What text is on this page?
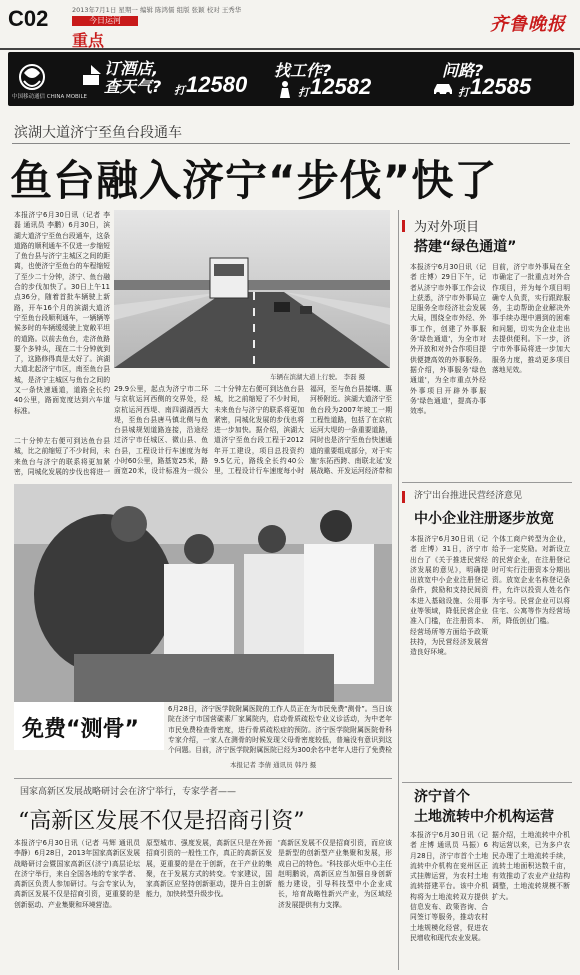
C02	2013年7月1日 星期一 编辑 陈鸿儒 组版 张颖 校对 王秀华
今日运河
重点
齐鲁晚报
中国移动通信 CHINA MOBILE
订酒店,
查天气? 打 12580
找工作?
打 12582
问路?
打 12585
滨湖大道济宁至鱼台段通车
鱼台融入济宁“步伐”快了
本报济宁6月30日讯（记者 李磊 通讯员 李鹏）6月30日，滨湖大道济宁至鱼台段通车，这条道路的顺利通车不仅进一步缩短了鱼台县与济宁主城区之间的距离，也使济宁至鱼台的车程缩短了至少二十分钟，济宁、鱼台融合的步伐加快了。30日上午11点36分，随着首批车辆驶上新路，开车16个月的滨湖大道济宁至鱼台段顺利通车，一辆辆等候多时的车辆缓缓驶上宽敞平坦的道路。以前去鱼台，走济鱼路要个多钟头，现在二十分钟就到了，这路修得真是太好了。滨湖大道北起济宁市区，南至鱼台县城，是济宁主城区与鱼台之间的又一条快速通道，道路全长约40公里，路面宽度达到六车道标准。
车辆在滨湖大道上行驶。 李磊 摄
29.9公里，起点为济宁市二环与京杭运河西侧的交界处，经京杭运河西堤、南四湖湖西大堤，至鱼台县唐马镇北侧与鱼台县城规划道路连接，沿途经过济宁市任城区、微山县、鱼台县，工程设计行车速度为每小时60公里，路基宽25米，路面宽20米，设计标准为一级公
二十分钟左右便可到达鱼台县城，比之前缩短了不少时间，未来鱼台与济宁的联系将更加紧密，同城化发展的步伐也将进一步加快。据介绍，滨湖大道济宁至鱼台段工程于2012年开工建设，项目总投资约9.5亿元，路线全长约40公里，工程设计行车速度每小时
福河，至与鱼台县接壤、惠河桥附近。滨湖大道济宁至鱼台段为2007年坡工一期工程性道路，包括了在京杭运河大堤的一条重要道路，同时也是济宁至鱼台快速通道的重要组成部分，对于实施'东拓西跨、南联北延'发展战略、开发运河经济带和
二十分钟左右便可到达鱼台县城，比之前缩短了不少时间，未来鱼台与济宁的联系将更加紧密，同城化发展的步伐也将进一
为对外项目
搭建“绿色通道”
本报济宁6月30日讯（记者 庄博）29日下午，记者从济宁市外事工作会议上获悉，济宁市外事局立足服务全市经济社会发展大局，围绕全市外经、外事工作，创建了外事服务'绿色通道'，为全市对外开放和对外合作项目提供便捷高效的外事服务。据介绍，外事服务'绿色通道'，为全市重点外经外事项目开辟外事服务'绿色通道'，提高办事效率。
目前，济宁市外事局在全市确定了一批重点对外合作项目，并为每个项目明确专人负责，实行跟踪服务，主动帮助企业解决外事手续办理中遇到的困难和问题，切实为企业走出去提供便利。下一步，济宁市外事局将进一步加大服务力度，推动更多项目落地见效。
免费“测骨”
6月28日，济宁医学院附属医院的工作人员正在为市民免费“测骨”。当日该院在济宁市国营碳素厂家属院内，启动骨质疏松专业义诊活动，为中老年市民免费检查骨密度，进行骨质疏松症的预防。济宁医学院附属医院骨科专家介绍，一家人在测骨的时候发现父母骨密度较低，普遍没有意识到这个问题。目前，济宁医学院附属医院已经为300余名中老年人进行了免费检
本报记者 李倩 通讯员 韩丹 摄
济宁出台推进民营经济意见
中小企业注册逐步放宽
本报济宁6月30日讯（记者 庄博）31日，济宁市出台了《关于推进民营经济发展的意见》，明确提出放宽中小企业注册登记条件，鼓励和支持民间资本进入基础设施、公用事业等领域，降低民营企业准入门槛，在注册资本、经营场所等方面给予政策扶持，为民营经济发展营造良好环境。
个体工商户转型为企业，给予一定奖励。对新设立的民营企业，在注册登记时可实行注册资本分期出资。放宽企业名称登记条件，允许以投资人姓名作为字号。民营企业可以将住宅、公寓等作为经营场所，降低创业门槛。
济宁首个
土地流转中介机构运营
本报济宁6月30日讯（记者 庄博 通讯员 马振）6月28日，济宁市首个土地流转中介机构在兖州区正式挂牌运营，为农村土地流转搭建平台。该中介机构将为土地流转双方提供信息发布、政策咨询、合同签订等服务，推动农村土地规模化经营，促进农民增收和现代农业发展。
据介绍，土地流转中介机构运营以来，已为多户农民办理了土地流转手续，流转土地面积达数千亩，有效推动了农业产业结构调整，土地流转规模不断扩大。
国家高新区发展战略研讨会在济宁举行，专家学者——
“高新区发展不仅是招商引资”
本报济宁6月30日讯（记者 马辉 通讯员 李静）6月28日，2013年国家高新区发展战略研讨会暨国家高新区(济宁)高层论坛在济宁举行，来自全国各地的专家学者、高新区负责人参加研讨。与会专家认为，高新区发展不仅是招商引资，更重要的是创新驱动、产业集聚和环境营造。
原型城市、强度发展，高新区只是在外面招商引资的一般性工作，真正的高新区发展，更重要的是在于创新，在于产业的集聚，在于发展方式的转变。专家建议，国家高新区应坚持创新驱动，提升自主创新能力，加快转型升级步伐。
'高新区发展不仅是招商引资，而应该是新型的创新型产业集聚和发展，形成自己的特色。'科技部火炬中心主任赵明鹏说，高新区应当加强自身创新能力建设，引导科技型中小企业成长，培育战略性新兴产业，为区域经济发展提供有力支撑。
